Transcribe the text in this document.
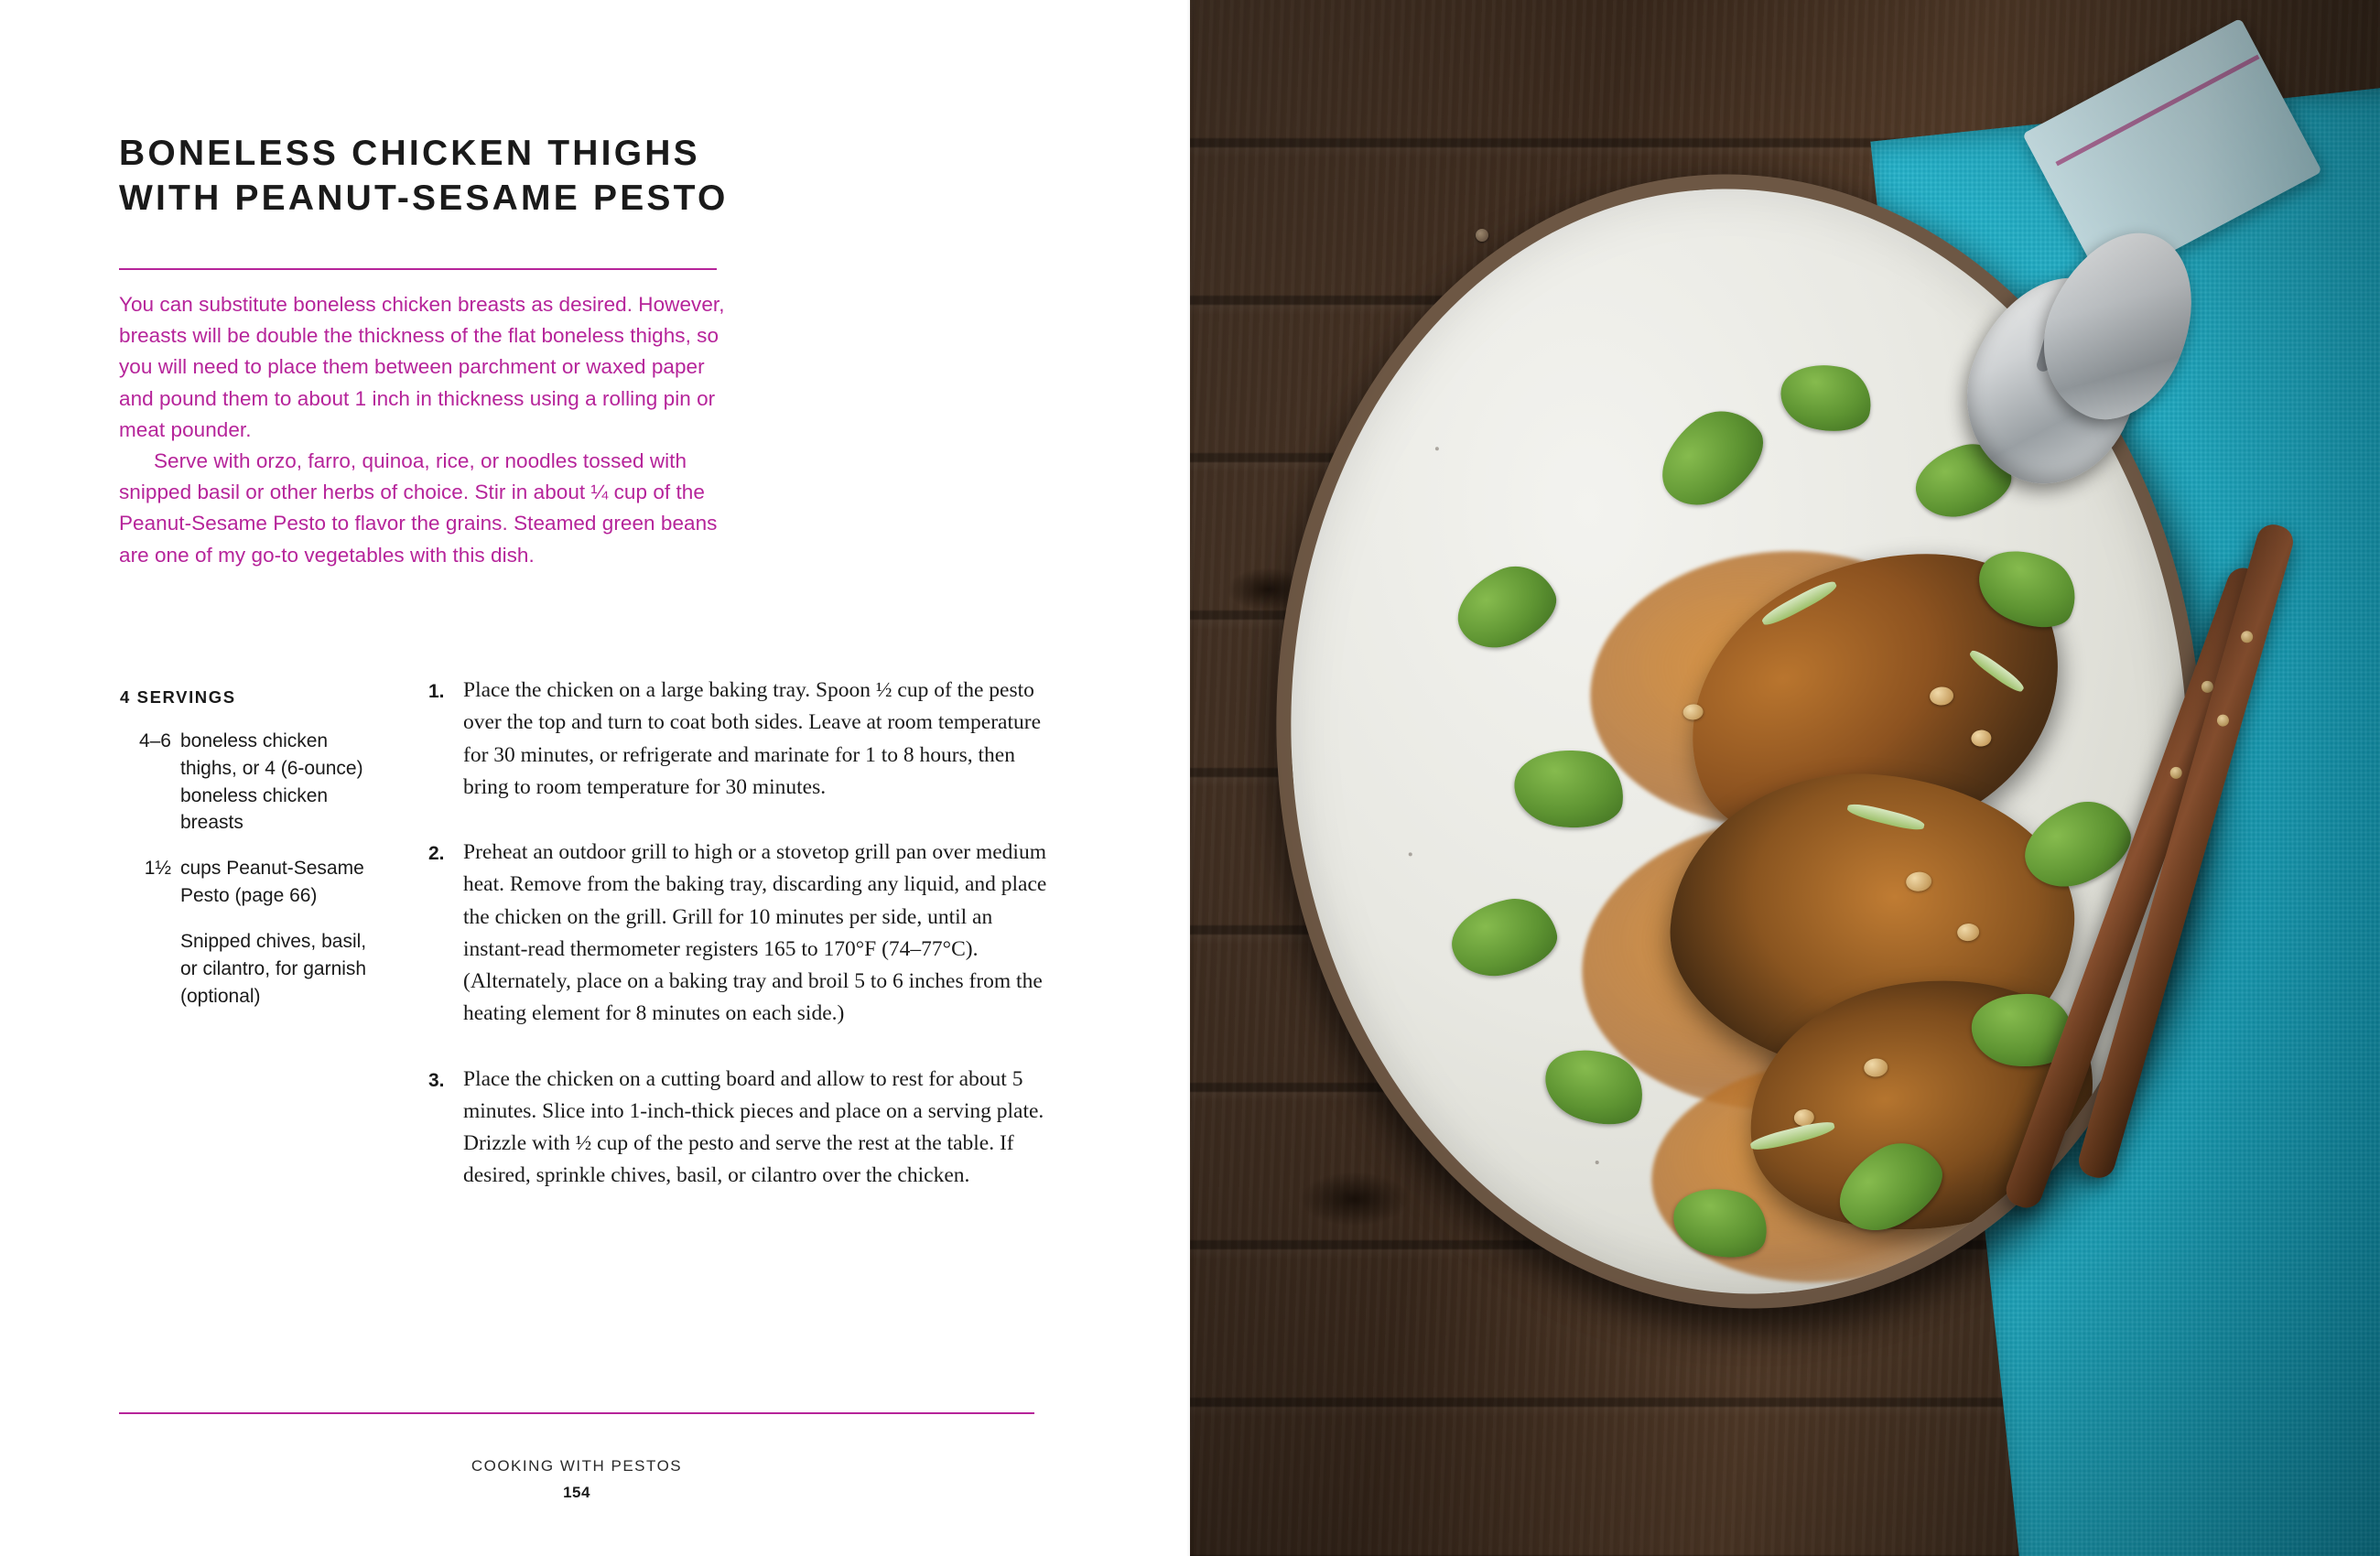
BONELESS CHICKEN THIGHS WITH PEANUT-SESAME PESTO

You can substitute boneless chicken breasts as desired. However, breasts will be double the thickness of the flat boneless thighs, so you will need to place them between parchment or waxed paper and pound them to about 1 inch in thickness using a rolling pin or meat pounder.

Serve with orzo, farro, quinoa, rice, or noodles tossed with snipped basil or other herbs of choice. Stir in about ¼ cup of the Peanut-Sesame Pesto to flavor the grains. Steamed green beans are one of my go-to vegetables with this dish.

4 SERVINGS
4–6 boneless chicken thighs, or 4 (6-ounce) boneless chicken breasts
1½ cups Peanut-Sesame Pesto (page 66)
Snipped chives, basil, or cilantro, for garnish (optional)
1. Place the chicken on a large baking tray. Spoon ½ cup of the pesto over the top and turn to coat both sides. Leave at room temperature for 30 minutes, or refrigerate and marinate for 1 to 8 hours, then bring to room temperature for 30 minutes.
2. Preheat an outdoor grill to high or a stovetop grill pan over medium heat. Remove from the baking tray, discarding any liquid, and place the chicken on the grill. Grill for 10 minutes per side, until an instant-read thermometer registers 165 to 170°F (74–77°C). (Alternately, place on a baking tray and broil 5 to 6 inches from the heating element for 8 minutes on each side.)
3. Place the chicken on a cutting board and allow to rest for about 5 minutes. Slice into 1-inch-thick pieces and place on a serving plate. Drizzle with ½ cup of the pesto and serve the rest at the table. If desired, sprinkle chives, basil, or cilantro over the chicken.
COOKING WITH PESTOS
154
